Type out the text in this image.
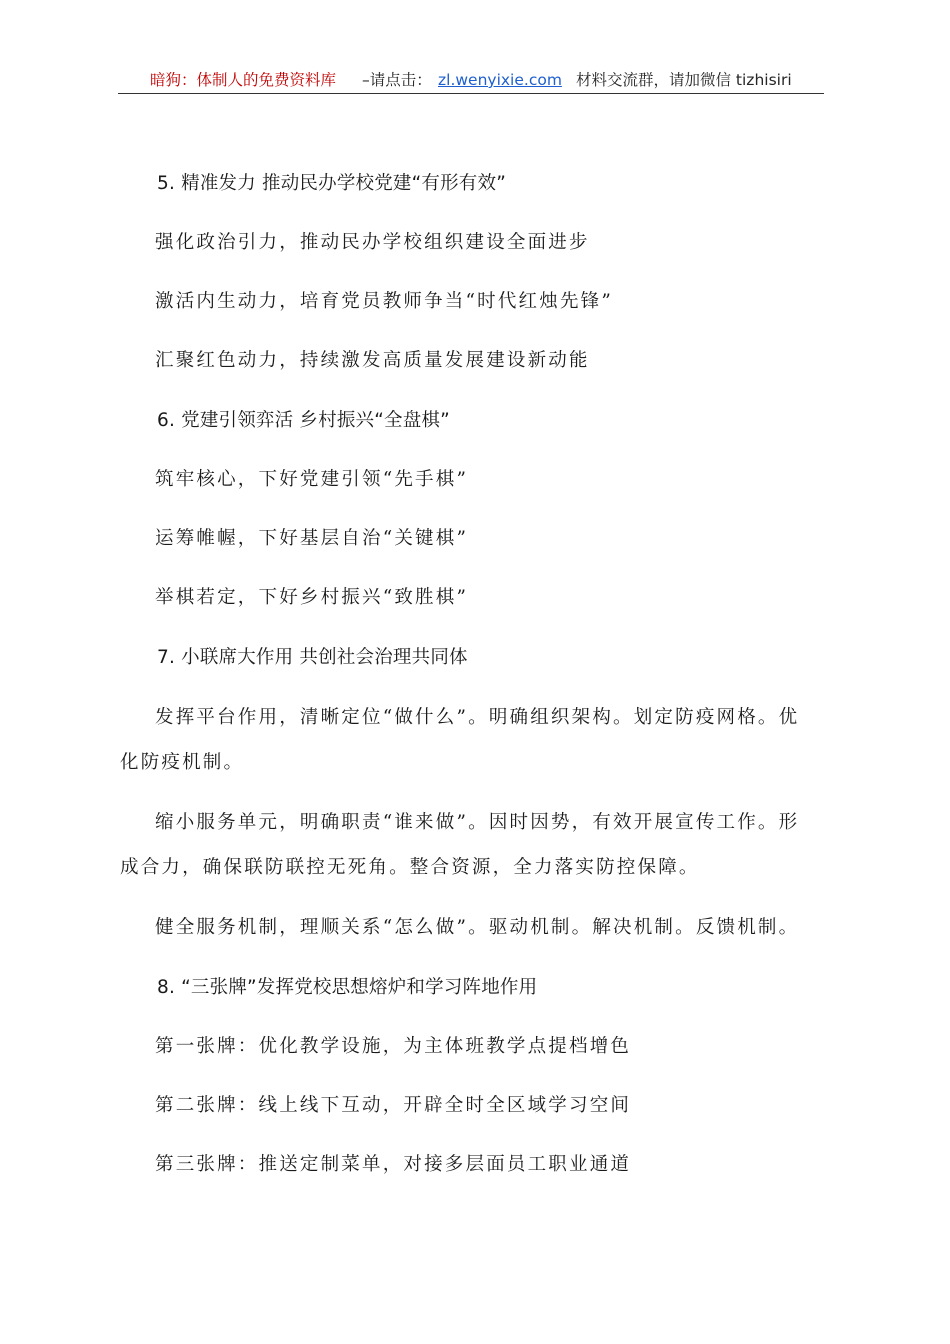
暗狗：体制人的免费资料库 –请点击： zl.wenyixie.com 材料交流群，请加微信 tizhisiri

5. 精准发力 推动民办学校党建“有形有效”

强化政治引力，推动民办学校组织建设全面进步

激活内生动力，培育党员教师争当“时代红烛先锋”

汇聚红色动力，持续激发高质量发展建设新动能

6. 党建引领弈活 乡村振兴“全盘棋”

筑牢核心，下好党建引领“先手棋”

运筹帷幄，下好基层自治“关键棋”

举棋若定，下好乡村振兴“致胜棋”

7. 小联席大作用 共创社会治理共同体

发挥平台作用，清晰定位“做什么”。明确组织架构。划定防疫网格。优

化防疫机制。

缩小服务单元，明确职责“谁来做”。因时因势，有效开展宣传工作。形

成合力，确保联防联控无死角。整合资源，全力落实防控保障。

健全服务机制，理顺关系“怎么做”。驱动机制。解决机制。反馈机制。

8. “三张牌”发挥党校思想熔炉和学习阵地作用

第一张牌：优化教学设施，为主体班教学点提档增色

第二张牌：线上线下互动，开辟全时全区域学习空间

第三张牌：推送定制菜单，对接多层面员工职业通道
